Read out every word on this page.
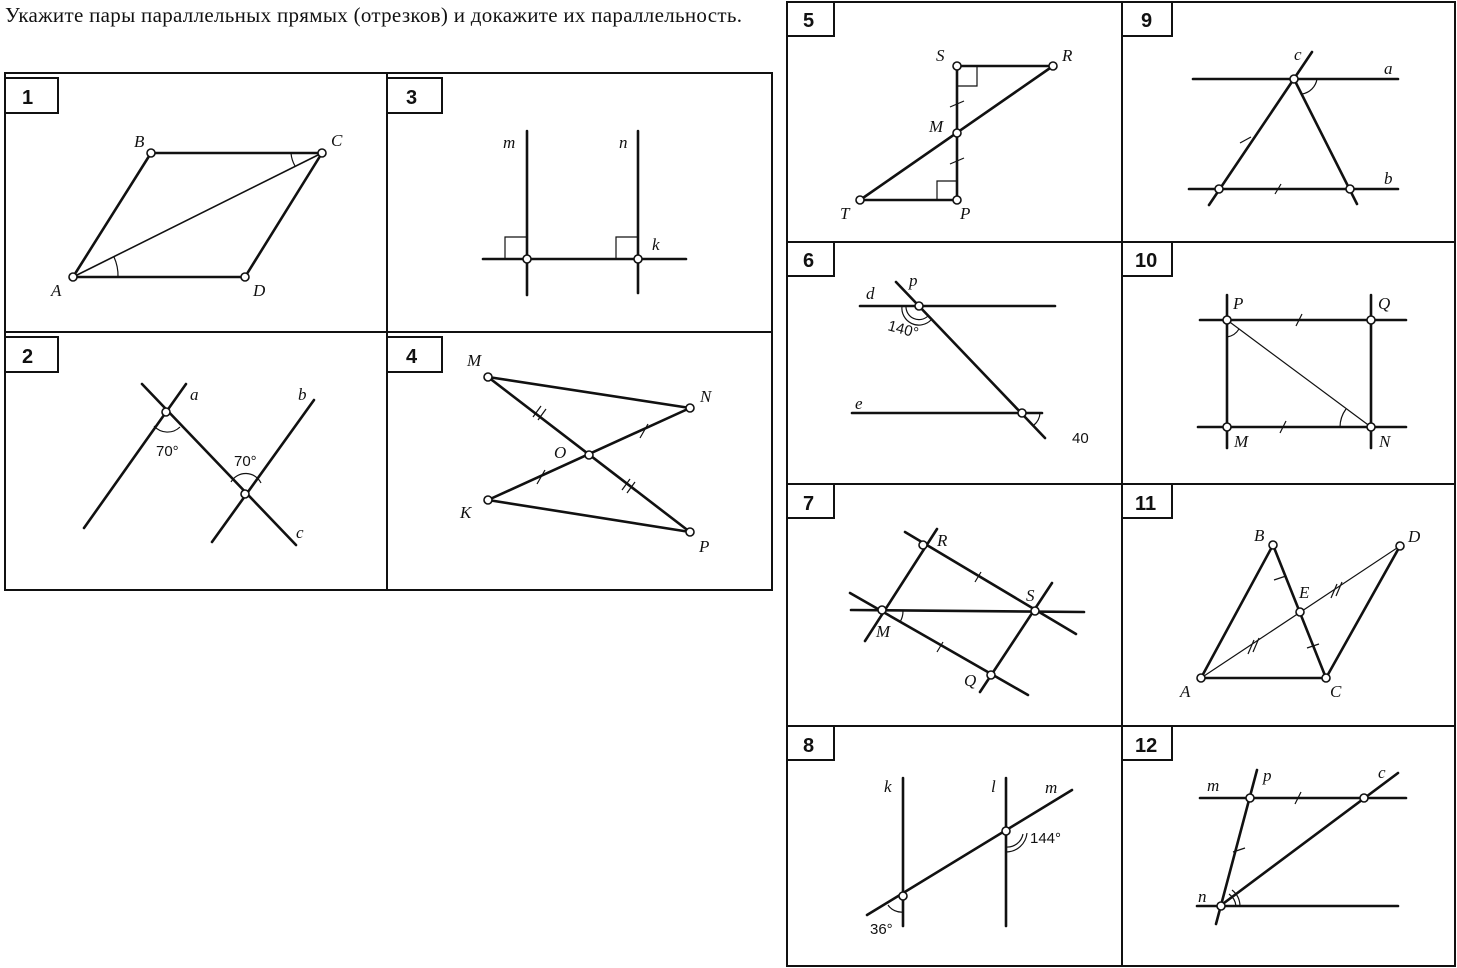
Укажите пары параллельных прямых (отрезков) и докажите их параллельность.
1
A
B	C
D
2
a	b
c
70°
70°
3
m	n
k
4	M
N
O
K
P
5
S	R
M
T	P
6
d
p
e
140°
40
7
R
S
M
Q
8
k	l	m
144°
36°
9
c
a
b
10
P	Q
M	N
11
B	D
E
A	C
12
m
p	c
n
